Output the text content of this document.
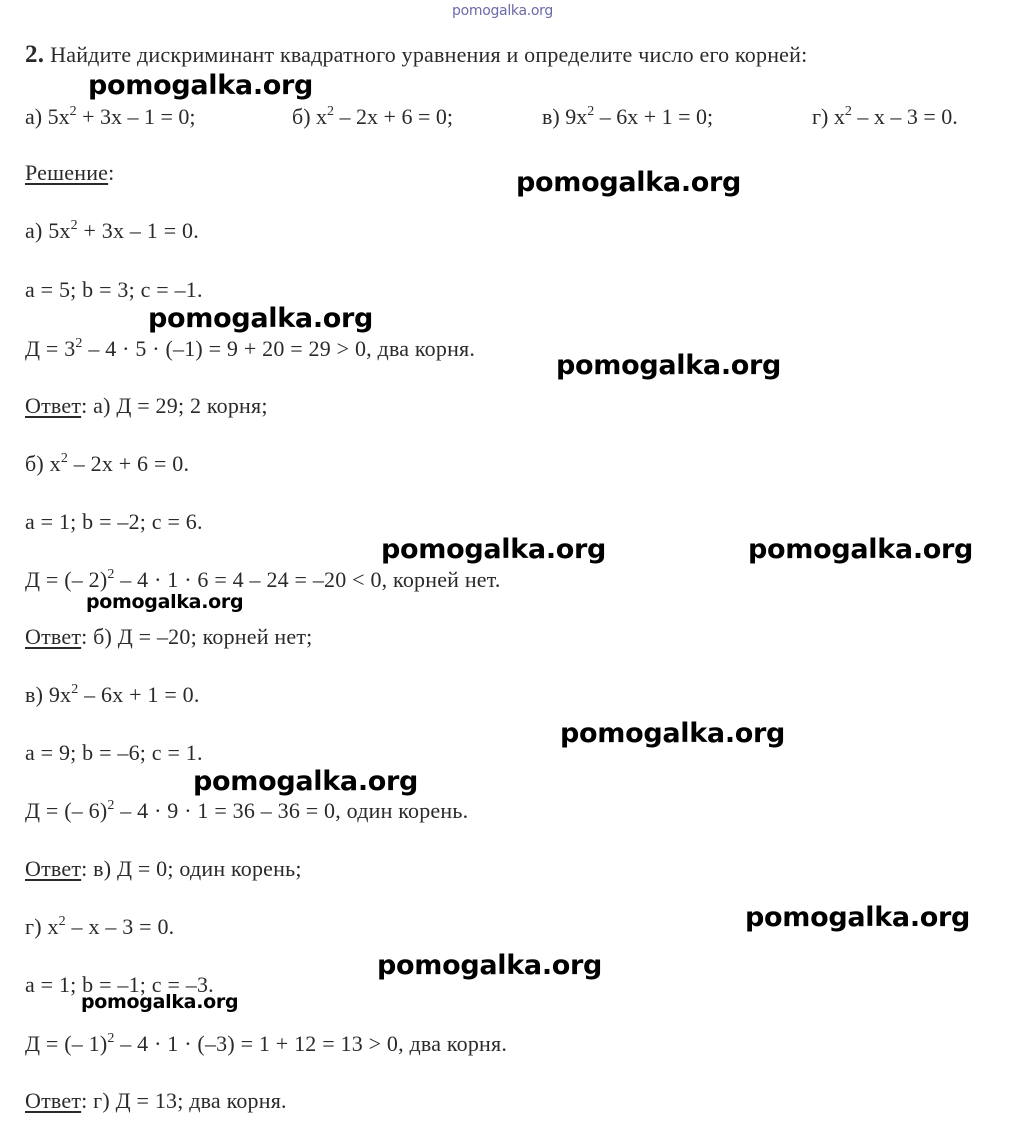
pomogalka.org
2. Найдите дискриминант квадратного уравнения и определите число его корней:
а) $5x^2 + 3x - 1 = 0$;	б) $x^2 - 2x + 6 = 0$;	в) $9x^2 - 6x + 1 = 0$;	г) $x^2 - x - 3 = 0$.
Решение:
а) $5x^2 + 3x - 1 = 0$.
a = 5; b = 3; c = –1.
$Д = 3^2 - 4 \cdot 5 \cdot (-1) = 9 + 20 = 29 > 0$, два корня.
Ответ: а) Д = 29; 2 корня;
б) $x^2 - 2x + 6 = 0$.
a = 1; b = –2; c = 6.
Д = (– 2)$^2$ – 4 · 1 · 6 = 4 – 24 = –20 < 0, корней нет.
Ответ: б) Д = –20; корней нет;
в) $9x^2 - 6x + 1 = 0$.
a = 9; b = –6; c = 1.
Д = (– 6)$^2$ – 4 · 9 · 1 = 36 – 36 = 0, один корень.
Ответ: в) Д = 0; один корень;
г) $x^2 - x - 3 = 0$.
a = 1; b = –1; c = –3.
Д = (– 1)$^2$ – 4 · 1 · (–3) = 1 + 12 = 13 > 0, два корня.
Ответ: г) Д = 13; два корня.
pomogalka.org
pomogalka.org
pomogalka.org
pomogalka.org
pomogalka.org	pomogalka.org
pomogalka.org
pomogalka.org
pomogalka.org
pomogalka.org
pomogalka.org
pomogalka.org
